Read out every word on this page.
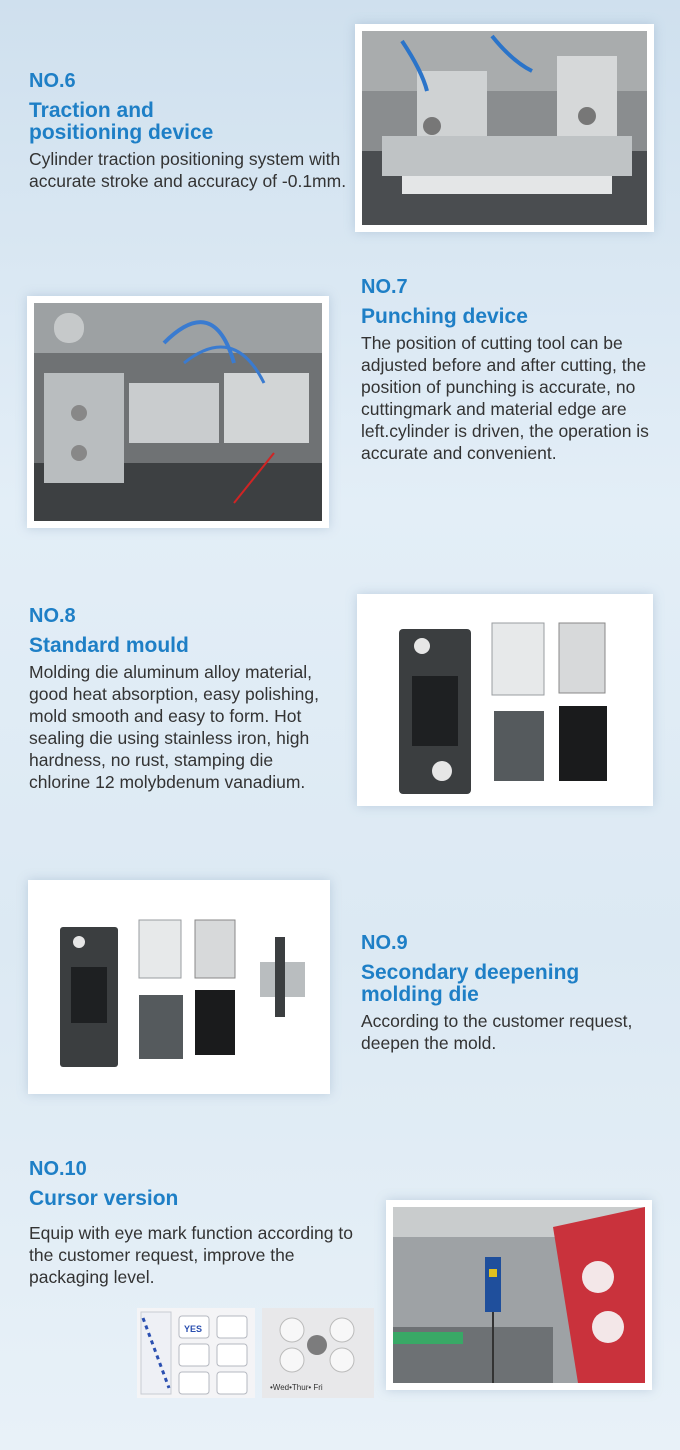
NO.6

Traction and positioning device

Cylinder traction positioning system with accurate stroke and accuracy of -0.1mm.

NO.7

Punching device

The position of cutting tool can be adjusted before and after cutting, the position of punching is accurate, no cuttingmark and material edge are left.cylinder is driven, the operation is accurate and convenient.

NO.8

Standard mould

Molding die aluminum alloy material, good heat absorption, easy polishing, mold smooth and easy to form. Hot sealing die using stainless iron, high hardness, no rust, stamping die chlorine 12 molybdenum vanadium.

NO.9

Secondary deepening molding die

According to the customer request, deepen the mold.

NO.10

Cursor version

Equip with eye mark function according to the customer request, improve the packaging level.

YES
•Wed•Thur• Fri
